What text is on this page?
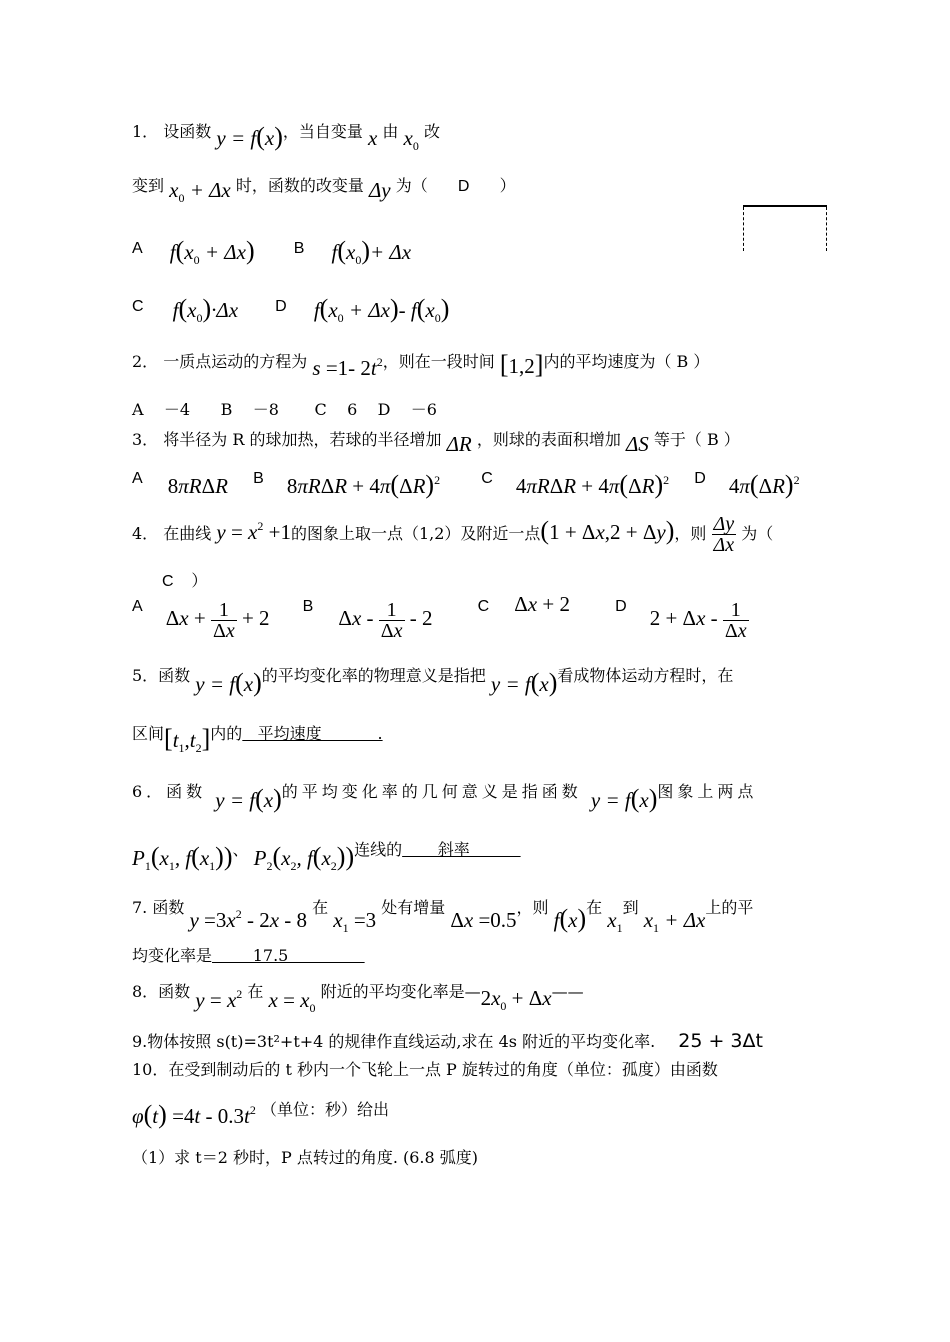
1． 设函数 y = f(x)，当自变量 x 由 $x_0$ 改
变到 $x_0 + \Delta x$ 时，函数的改变量 Δy 为（ D ）
A $f(x_0 + \Delta x)$ B $f(x_0)+ \Delta x$
C $f(x_0)\cdot\Delta x$ D $f(x_0 + \Delta x)-$ $f(x_0)$
2． 一质点运动的方程为 s =1- $2t^2$，则在一段时间 [1,2]内的平均速度为（ B ）
A    －4      B    －8       C    6    D    －6
3． 将半径为 R 的球加热，若球的半径增加 ΔR ，则球的表面积增加 ΔS 等于（ B ）
A 8πRΔR B $8\pi R\Delta R + 4\pi(\Delta R)^2$	C $4\pi R\Delta R + 4\pi(\Delta R)^2$ D $4\pi(\Delta R)^2$
4． 在曲线 $y = x^2 +1$的图象上取一点（1,2）及附近一点(1 + Δx,2 + Δy)，则 $\frac{\Delta y}{\Delta x}$ 为（
C    ）
A $\Delta x + \frac{1}{\Delta x} + 2$ B Δx - $\frac{1}{\Delta x} - 2$	C Δx + 2	D $2 + \Delta x - \frac{1}{\Delta x}$
5．函数 y = f(x)的平均变化率的物理意义是指把 y = f(x)看成物体运动方程时，在
区间$[t_1,t_2]$内的   平均速度           .
6．函数 y = f(x)的平均变化率的几何意义是指函数 y = f(x)图象上两点
$P_1(x_1$, $f(x_1)$)、 $P_2(x_2$, $f(x_2)$)连线的       斜率
7. 函数 $y =3x^2 - 2x - 8$ 在 $x_1 =3$ 处有增量 Δx =0.5，则 f(x)在 $x_1$到 $x_1 + \Delta x$上的平
均变化率是        17.5
8．函数 $y = x^2$ 在 $x = x_0$ 附近的平均变化率是$—2x_0$ + Δx——
9.物体按照 s(t)=3t²+t+4 的规律作直线运动,求在 4s 附近的平均变化率. 25 + 3Δt
10．在受到制动后的 t 秒内一个飞轮上一点 P 旋转过的角度（单位：孤度）由函数
$\varphi(t) =4t - 0.3t^2$ （单位：秒）给出
（1）求 t＝2 秒时，P 点转过的角度. (6.8 弧度)
